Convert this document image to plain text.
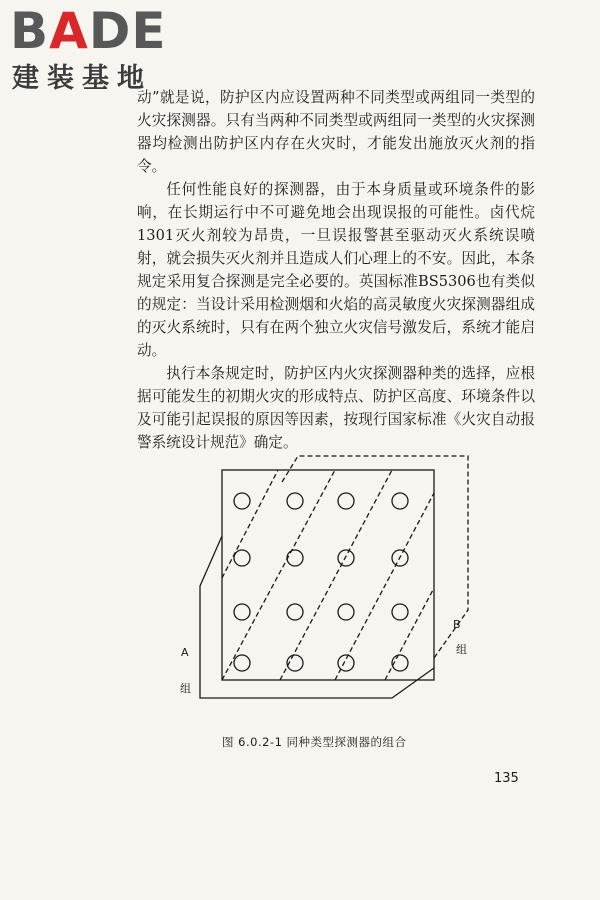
BADE
建装基地

动”就是说，防护区内应设置两种不同类型或两组同一类型的火灾探测器。只有当两种不同类型或两组同一类型的火灾探测器均检测出防护区内存在火灾时，才能发出施放灭火剂的指令。

任何性能良好的探测器，由于本身质量或环境条件的影响，在长期运行中不可避免地会出现误报的可能性。卤代烷1301灭火剂较为昂贵，一旦误报警甚至驱动灭火系统误喷射，就会损失灭火剂并且造成人们心理上的不安。因此，本条规定采用复合探测是完全必要的。英国标准BS5306也有类似的规定：当设计采用检测烟和火焰的高灵敏度火灾探测器组成的灭火系统时，只有在两个独立火灾信号激发后，系统才能启动。

执行本条规定时，防护区内火灾探测器种类的选择，应根据可能发生的初期火灾的形成特点、防护区高度、环境条件以及可能引起误报的原因等因素，按现行国家标准《火灾自动报警系统设计规范》确定。

A
组
B
组
图 6.0.2-1 同种类型探测器的组合
135
